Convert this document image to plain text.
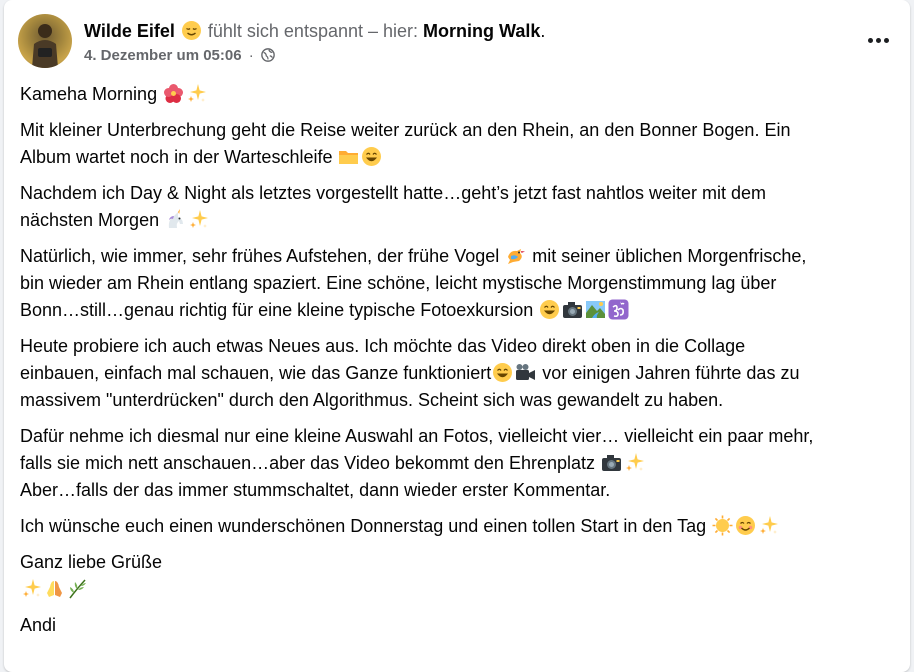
Wilde Eifel fühlt sich entspannt – hier: Morning Walk.
4. Dezember um 05:06 ·
Kameha Morning
Mit kleiner Unterbrechung geht die Reise weiter zurück an den Rhein, an den Bonner Bogen. Ein
Album wartet noch in der Warteschleife
Nachdem ich Day & Night als letztes vorgestellt hatte…geht’s jetzt fast nahtlos weiter mit dem
nächsten Morgen
Natürlich, wie immer, sehr frühes Aufstehen, der frühe Vogel  mit seiner üblichen Morgenfrische,
bin wieder am Rhein entlang spaziert. Eine schöne, leicht mystische Morgenstimmung lag über
Bonn…still…genau richtig für eine kleine typische Fotoexkursion
Heute probiere ich auch etwas Neues aus. Ich möchte das Video direkt oben in die Collage
einbauen, einfach mal schauen, wie das Ganze funktioniert	vor einigen Jahren führte das zu
massivem "unterdrücken" durch den Algorithmus. Scheint sich was gewandelt zu haben.
Dafür nehme ich diesmal nur eine kleine Auswahl an Fotos, vielleicht vier… vielleicht ein paar mehr,
falls sie mich nett anschauen…aber das Video bekommt den Ehrenplatz
Aber…falls der das immer stummschaltet, dann wieder erster Kommentar.
Ich wünsche euch einen wunderschönen Donnerstag und einen tollen Start in den Tag
Ganz liebe Grüße
Andi
